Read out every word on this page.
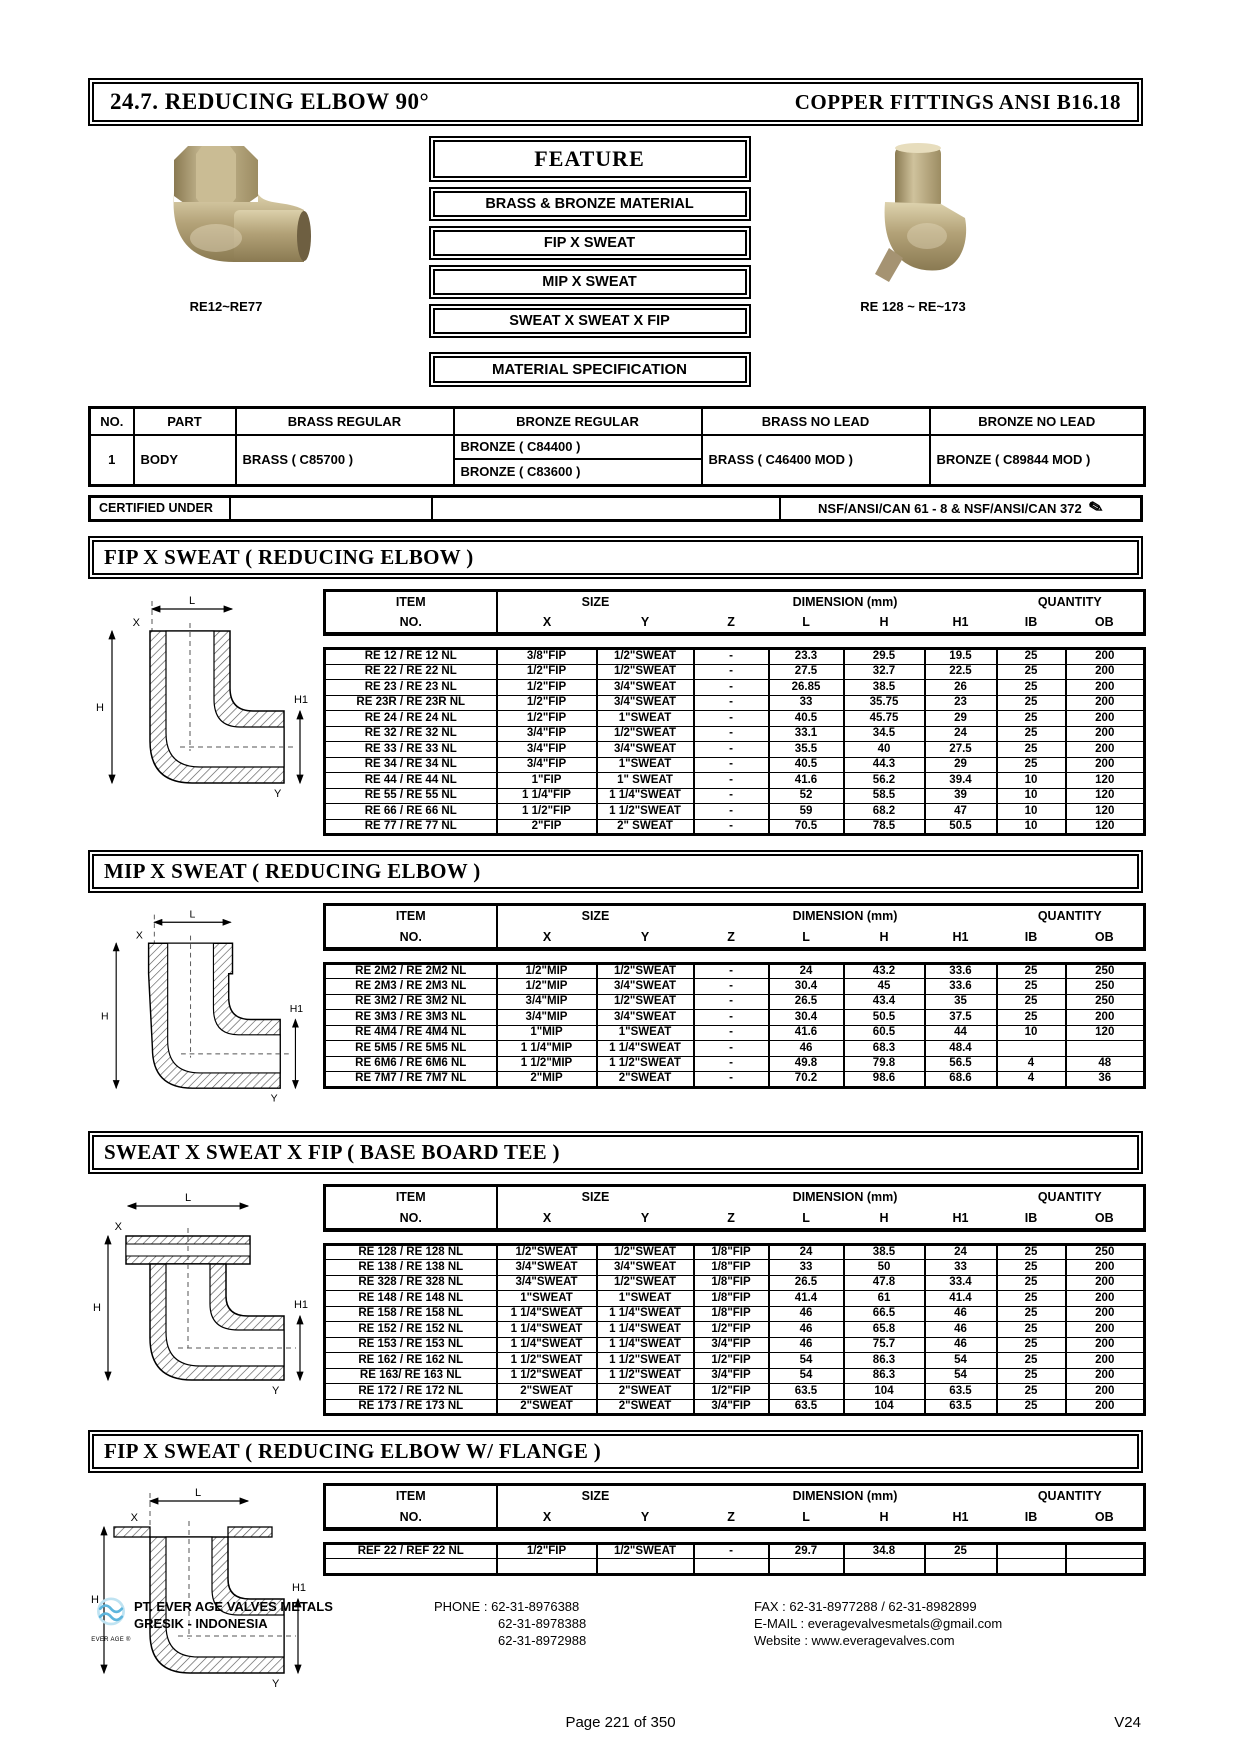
24.7. REDUCING ELBOW 90°	COPPER FITTINGS ANSI B16.18
RE12~RE77
FEATURE
BRASS & BRONZE MATERIAL
FIP X SWEAT
MIP X SWEAT
SWEAT X SWEAT X FIP
MATERIAL SPECIFICATION
RE 128 ~ RE~173
NO.	PART	BRASS REGULAR	BRONZE REGULAR	BRASS NO LEAD	BRONZE NO LEAD
1	BODY	BRASS ( C85700 )	BRONZE ( C84400 )
BRONZE ( C83600 )	BRASS ( C46400 MOD )	BRONZE ( C89844 MOD )
CERTIFIED UNDER	NSF/ANSI/CAN 61 - 8 & NSF/ANSI/CAN 372 ✎
FIP X SWEAT ( REDUCING ELBOW )
L
X
H
H1
Y
ITEM	SIZE		DIMENSION (mm)				QUANTITY	
NO.	X	Y	Z	L	H	H1	IB	OB
RE 12 / RE 12 NL	3/8"FIP	1/2"SWEAT	-	23.3	29.5	19.5	25	200
RE 22 / RE 22 NL	1/2"FIP	1/2"SWEAT	-	27.5	32.7	22.5	25	200
RE 23 / RE 23 NL	1/2"FIP	3/4"SWEAT	-	26.85	38.5	26	25	200
RE 23R / RE 23R NL	1/2"FIP	3/4"SWEAT	-	33	35.75	23	25	200
RE 24 / RE 24 NL	1/2"FIP	1"SWEAT	-	40.5	45.75	29	25	200
RE 32 / RE 32 NL	3/4"FIP	1/2"SWEAT	-	33.1	34.5	24	25	200
RE 33 / RE 33 NL	3/4"FIP	3/4"SWEAT	-	35.5	40	27.5	25	200
RE 34 / RE 34 NL	3/4"FIP	1"SWEAT	-	40.5	44.3	29	25	200
RE 44 / RE 44 NL	1"FIP	1" SWEAT	-	41.6	56.2	39.4	10	120
RE 55 / RE 55 NL	1 1/4"FIP	1 1/4"SWEAT	-	52	58.5	39	10	120
RE 66 / RE 66 NL	1 1/2"FIP	1 1/2"SWEAT	-	59	68.2	47	10	120
RE 77 / RE 77 NL	2"FIP	2" SWEAT	-	70.5	78.5	50.5	10	120
MIP X SWEAT ( REDUCING ELBOW )
L
X
H
H1
Y
ITEM	SIZE		DIMENSION (mm)				QUANTITY	
NO.	X	Y	Z	L	H	H1	IB	OB
RE 2M2 / RE 2M2 NL	1/2"MIP	1/2"SWEAT	-	24	43.2	33.6	25	250
RE 2M3 / RE 2M3 NL	1/2"MIP	3/4"SWEAT	-	30.4	45	33.6	25	250
RE 3M2 / RE 3M2 NL	3/4"MIP	1/2"SWEAT	-	26.5	43.4	35	25	250
RE 3M3 / RE 3M3 NL	3/4"MIP	3/4"SWEAT	-	30.4	50.5	37.5	25	200
RE 4M4 / RE 4M4 NL	1"MIP	1"SWEAT	-	41.6	60.5	44	10	120
RE 5M5 / RE 5M5 NL	1 1/4"MIP	1 1/4"SWEAT	-	46	68.3	48.4		
RE 6M6 / RE 6M6 NL	1 1/2"MIP	1 1/2"SWEAT	-	49.8	79.8	56.5	4	48
RE 7M7 / RE 7M7 NL	2"MIP	2"SWEAT	-	70.2	98.6	68.6	4	36
SWEAT X SWEAT X FIP ( BASE BOARD TEE )
L
X
H	H1
Y
ITEM	SIZE		DIMENSION (mm)				QUANTITY	
NO.	X	Y	Z	L	H	H1	IB	OB
RE 128 / RE 128 NL	1/2"SWEAT	1/2"SWEAT	1/8"FIP	24	38.5	24	25	250
RE 138 / RE 138 NL	3/4"SWEAT	3/4"SWEAT	1/8"FIP	33	50	33	25	200
RE 328 / RE 328 NL	3/4"SWEAT	1/2"SWEAT	1/8"FIP	26.5	47.8	33.4	25	200
RE 148 / RE 148 NL	1"SWEAT	1"SWEAT	1/8"FIP	41.4	61	41.4	25	200
RE 158 / RE 158 NL	1 1/4"SWEAT	1 1/4"SWEAT	1/8"FIP	46	66.5	46	25	200
RE 152 / RE 152 NL	1 1/4"SWEAT	1 1/4"SWEAT	1/2"FIP	46	65.8	46	25	200
RE 153 / RE 153 NL	1 1/4"SWEAT	1 1/4"SWEAT	3/4"FIP	46	75.7	46	25	200
RE 162 / RE 162 NL	1 1/2"SWEAT	1 1/2"SWEAT	1/2"FIP	54	86.3	54	25	200
RE 163/ RE 163 NL	1 1/2"SWEAT	1 1/2"SWEAT	3/4"FIP	54	86.3	54	25	200
RE 172 / RE 172 NL	2"SWEAT	2"SWEAT	1/2"FIP	63.5	104	63.5	25	200
RE 173 / RE 173 NL	2"SWEAT	2"SWEAT	3/4"FIP	63.5	104	63.5	25	200
FIP X SWEAT ( REDUCING ELBOW W/ FLANGE )
L
X
H
H1
Y
ITEM	SIZE		DIMENSION (mm)				QUANTITY	
NO.	X	Y	Z	L	H	H1	IB	OB
REF 22 / REF 22 NL	1/2"FIP	1/2"SWEAT	-	29.7	34.8	25		

EVER AGE ®
PT. EVER AGE VALVES METALS
GRESIK - INDONESIA
PHONE : 62-31-8976388
62-31-8978388
62-31-8972988
FAX : 62-31-8977288 / 62-31-8982899
E-MAIL : everagevalvesmetals@gmail.com
Website : www.everagevalves.com
Page 221 of 350	V24
